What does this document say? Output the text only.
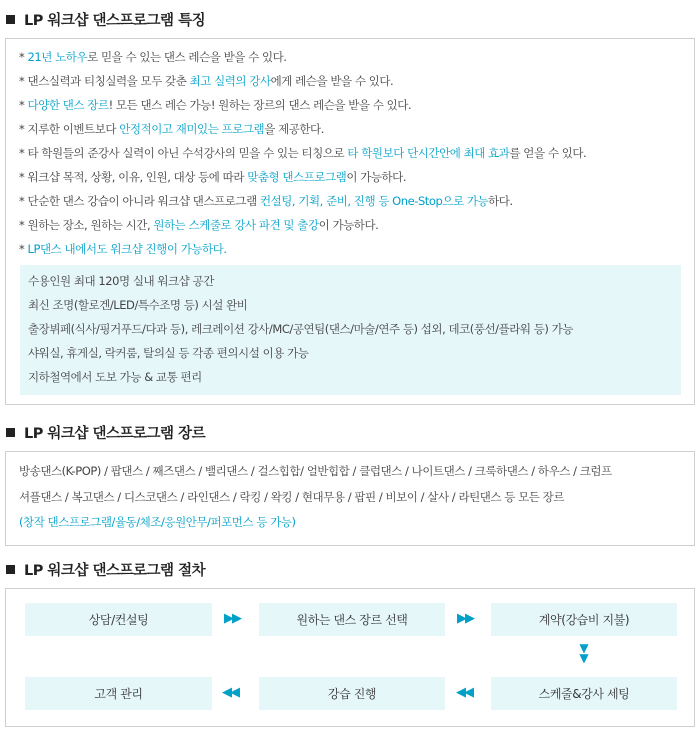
LP 워크샵 댄스프로그램 특징
* 21년 노하우로 믿을 수 있는 댄스 레슨을 받을 수 있다.
* 댄스실력과 티칭실력을 모두 갖춘 최고 실력의 강사에게 레슨을 받을 수 있다.
* 다양한 댄스 장르! 모든 댄스 레슨 가능! 원하는 장르의 댄스 레슨을 받을 수 있다.
* 지루한 이벤트보다 안정적이고 재미있는 프로그램을 제공한다.
* 타 학원들의 준강사 실력이 아닌 수석강사의 믿을 수 있는 티칭으로 타 학원보다 단시간안에 최대 효과를 얻을 수 있다.
* 워크샵 목적, 상황, 이유, 인원, 대상 등에 따라 맞춤형 댄스프로그램이 가능하다.
* 단순한 댄스 강습이 아니라 워크샵 댄스프로그램 컨설팅, 기획, 준비, 진행 등 One-Stop으로 가능하다.
* 원하는 장소, 원하는 시간, 원하는 스케줄로 강사 파견 및 출강이 가능하다.
* LP댄스 내에서도 워크샵 진행이 가능하다.
수용인원 최대 120명 실내 워크샵 공간
최신 조명(할로겐/LED/특수조명 등) 시설 완비
출장뷔페(식사/핑거푸드/다과 등), 레크레이션 강사/MC/공연팀(댄스/마술/연주 등) 섭외, 데코(풍선/플라워 등) 가능
샤워실, 휴게실, 락커룸, 탈의실 등 각종 편의시설 이용 가능
지하철역에서 도보 가능 & 교통 편리
LP 워크샵 댄스프로그램 장르
방송댄스(K-POP) / 팝댄스 / 째즈댄스 / 밸리댄스 / 걸스힙합/ 얼반힙합 / 클럽댄스 / 나이트댄스 / 크룩하댄스 / 하우스 / 크럼프
셔플댄스 / 복고댄스 / 디스코댄스 / 라인댄스 / 락킹 / 왁킹 / 현대무용 / 팝핀 / 비보이 / 살사 / 라틴댄스 등 모든 장르
(창작 댄스프로그램/율동/체조/응원안무/퍼포먼스 등 가능)
LP 워크샵 댄스프로그램 절차
상담/컨설팅	▶▶	원하는 댄스 장르 선택	▶▶	계약(강습비 지불)
▼▼
고객 관리	◀◀	강습 진행	◀◀	스케줄&강사 세팅
